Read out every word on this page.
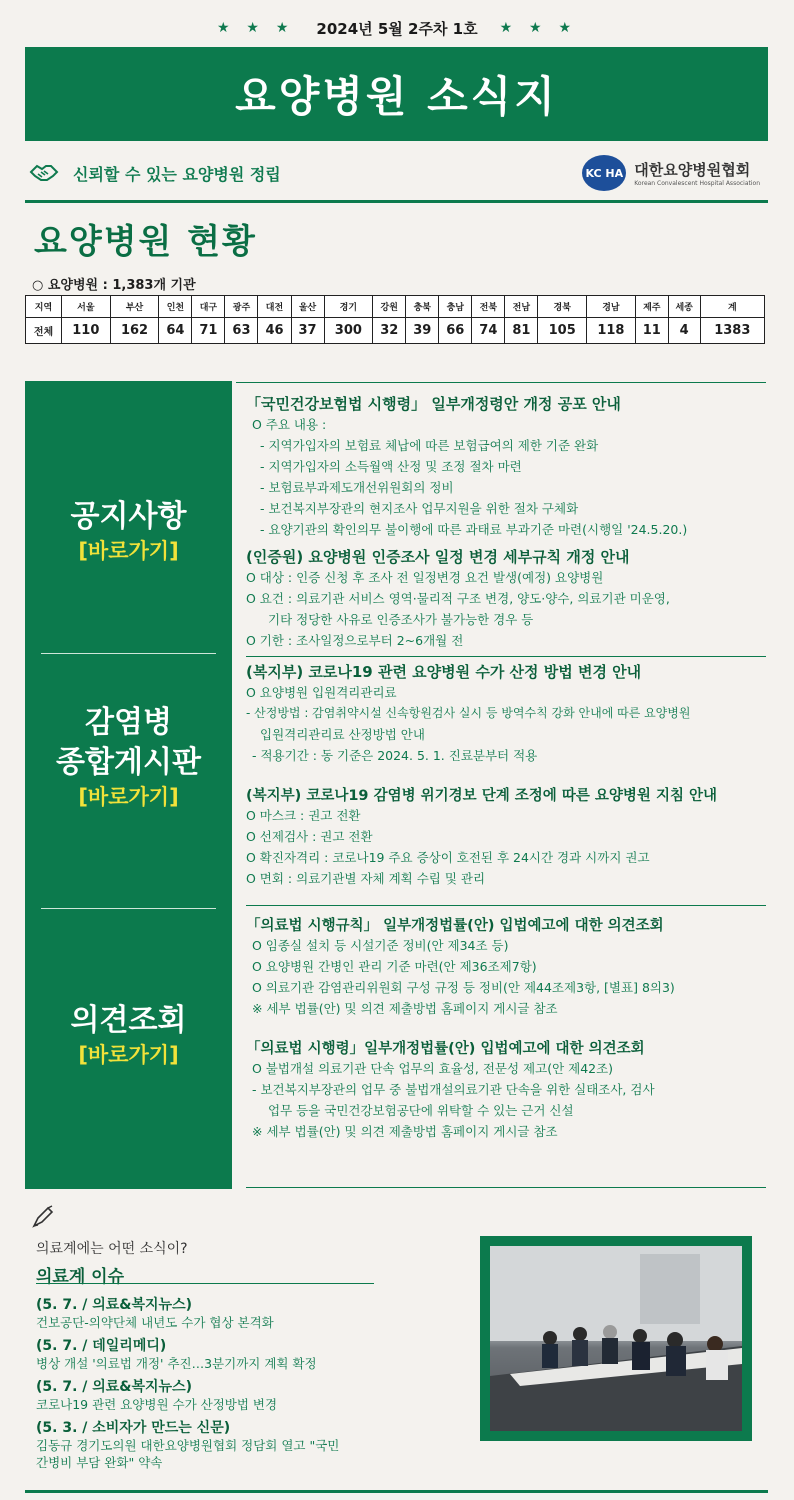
★ ★ ★ 2024년 5월 2주차 1호 ★ ★ ★
요양병원 소식지
신뢰할 수 있는 요양병원 정립	KC HA 대한요양병원협회
Korean Convalescent Hospital Association
요양병원 현황
○ 요양병원 : 1,383개 기관
지역	서울	부산	인천	대구	광주	대전	울산	경기	강원	충북	충남	전북	전남	경북	경남	제주	세종	계
전체	110	162	64	71	63	46	37	300	32	39	66	74	81	105	118	11	4	1383
공지사항
[바로가기]
감염병
종합게시판
[바로가기]
의견조회
[바로가기]
「국민건강보험법 시행령」 일부개정령안 개정 공포 안내
O 주요 내용 :
- 지역가입자의 보험료 체납에 따른 보험급여의 제한 기준 완화
- 지역가입자의 소득월액 산정 및 조정 절차 마련
- 보험료부과제도개선위원회의 정비
- 보건복지부장관의 현지조사 업무지원을 위한 절차 구체화
- 요양기관의 확인의무 불이행에 따른 과태료 부과기준 마련(시행일 '24.5.20.)
(인증원) 요양병원 인증조사 일정 변경 세부규칙 개정 안내
O 대상 : 인증 신청 후 조사 전 일정변경 요건 발생(예정) 요양병원
O 요건 : 의료기관 서비스 영역·물리적 구조 변경, 양도·양수, 의료기관 미운영,
기타 정당한 사유로 인증조사가 불가능한 경우 등
O 기한 : 조사일정으로부터 2~6개월 전
(복지부) 코로나19 관련 요양병원 수가 산정 방법 변경 안내
O 요양병원 입원격리관리료
- 산정방법 : 감염취약시설 신속항원검사 실시 등 방역수칙 강화 안내에 따른 요양병원
입원격리관리료 산정방법 안내
- 적용기간 : 동 기준은 2024. 5. 1. 진료분부터 적용
(복지부) 코로나19 감염병 위기경보 단계 조정에 따른 요양병원 지침 안내
O 마스크 : 권고 전환
O 선제검사 : 권고 전환
O 확진자격리 : 코로나19 주요 증상이 호전된 후 24시간 경과 시까지 권고
O 면회 : 의료기관별 자체 계획 수립 및 관리
「의료법 시행규칙」 일부개정법률(안) 입법예고에 대한 의견조회
O 임종실 설치 등 시설기준 정비(안 제34조 등)
O 요양병원 간병인 관리 기준 마련(안 제36조제7항)
O 의료기관 감염관리위원회 구성 규정 등 정비(안 제44조제3항, [별표] 8의3)
※ 세부 법률(안) 및 의견 제출방법 홈페이지 게시글 참조
「의료법 시행령」일부개정법률(안) 입법예고에 대한 의견조회
O 불법개설 의료기관 단속 업무의 효율성, 전문성 제고(안 제42조)
- 보건복지부장관의 업무 중 불법개설의료기관 단속을 위한 실태조사, 검사
업무 등을 국민건강보험공단에 위탁할 수 있는 근거 신설
※ 세부 법률(안) 및 의견 제출방법 홈페이지 게시글 참조
의료계에는 어떤 소식이?
의료계 이슈
(5. 7. / 의료&복지뉴스)
건보공단-의약단체 내년도 수가 협상 본격화
(5. 7. / 데일리메디)
병상 개설 '의료법 개정' 추진…3분기까지 계획 확정
(5. 7. / 의료&복지뉴스)
코로나19 관련 요양병원 수가 산정방법 변경
(5. 3. / 소비자가 만드는 신문)
김동규 경기도의원 대한요양병원협회 정담회 열고 "국민
간병비 부담 완화" 약속
